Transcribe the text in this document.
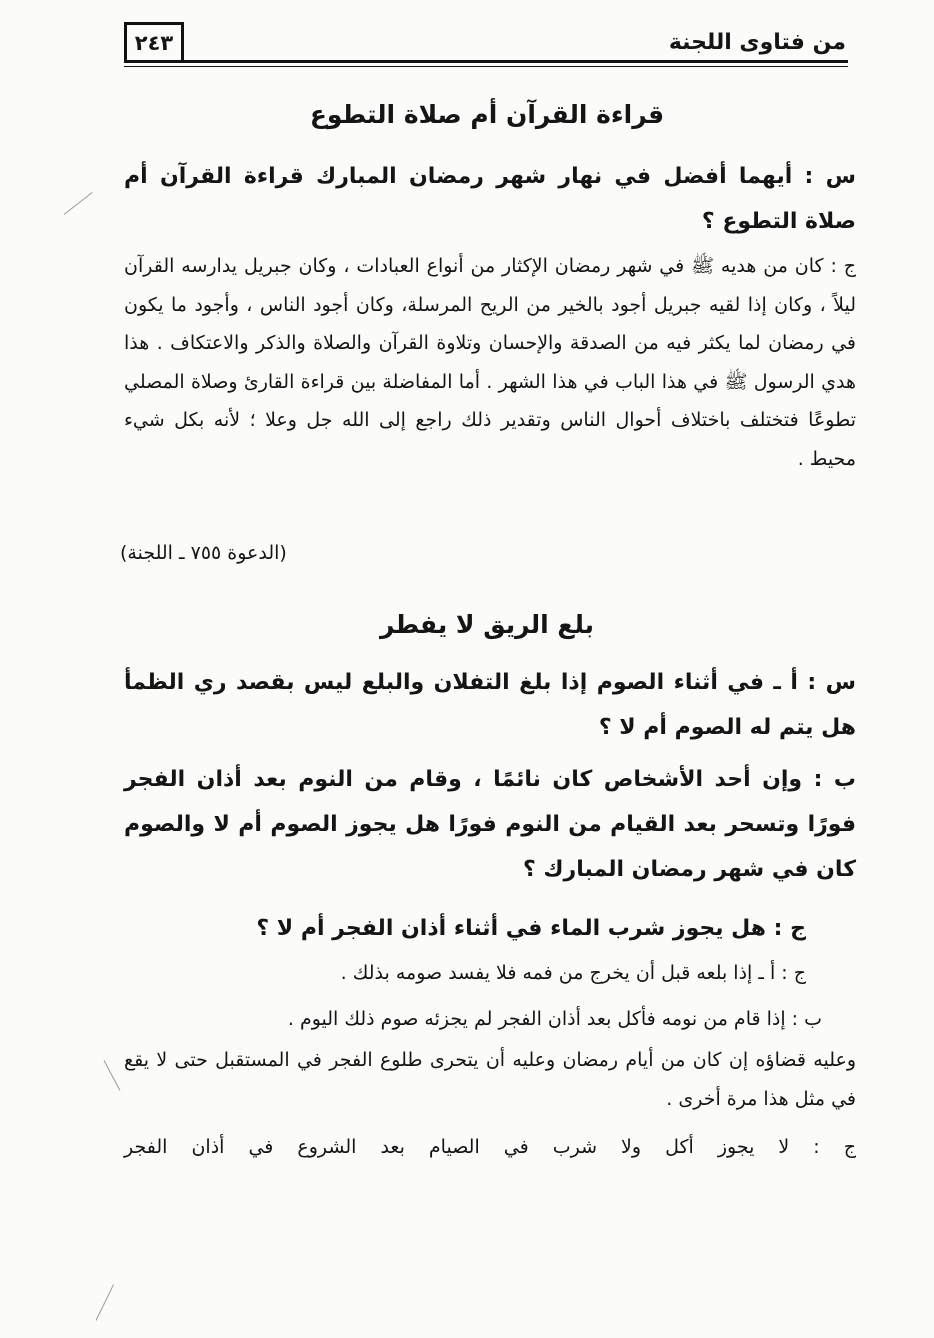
من فتاوى اللجنة
٢٤٣
قراءة القرآن أم صلاة التطوع
س : أيهما أفضل في نهار شهر رمضان المبارك قراءة القرآن أم صلاة التطوع ؟
ج : كان من هديه ﷺ في شهر رمضان الإكثار من أنواع العبادات ، وكان جبريل يدارسه القرآن ليلاً ، وكان إذا لقيه جبريل أجود بالخير من الريح المرسلة، وكان أجود الناس ، وأجود ما يكون في رمضان لما يكثر فيه من الصدقة والإحسان وتلاوة القرآن والصلاة والذكر والاعتكاف . هذا هدي الرسول ﷺ في هذا الباب في هذا الشهر . أما المفاضلة بين قراءة القارئ وصلاة المصلي تطوعًا فتختلف باختلاف أحوال الناس وتقدير ذلك راجع إلى الله جل وعلا ؛ لأنه بكل شيء محيط .
(الدعوة ٧٥٥ ـ اللجنة)
بلع الريق لا يفطر
س : أ ـ في أثناء الصوم إذا بلغ التفلان والبلع ليس بقصد ري الظمأ هل يتم له الصوم أم لا ؟
ب : وإن أحد الأشخاص كان نائمًا ، وقام من النوم بعد أذان الفجر فورًا وتسحر بعد القيام من النوم فورًا هل يجوز الصوم أم لا والصوم كان في شهر رمضان المبارك ؟
ج : هل يجوز شرب الماء في أثناء أذان الفجر أم لا ؟
ج : أ ـ إذا بلعه قبل أن يخرج من فمه فلا يفسد صومه بذلك .
ب : إذا قام من نومه فأكل بعد أذان الفجر لم يجزئه صوم ذلك اليوم .
وعليه قضاؤه إن كان من أيام رمضان وعليه أن يتحرى طلوع الفجر في المستقبل حتى لا يقع في مثل هذا مرة أخرى .
ج : لا يجوز أكل ولا شرب في الصيام بعد الشروع في أذان الفجر
